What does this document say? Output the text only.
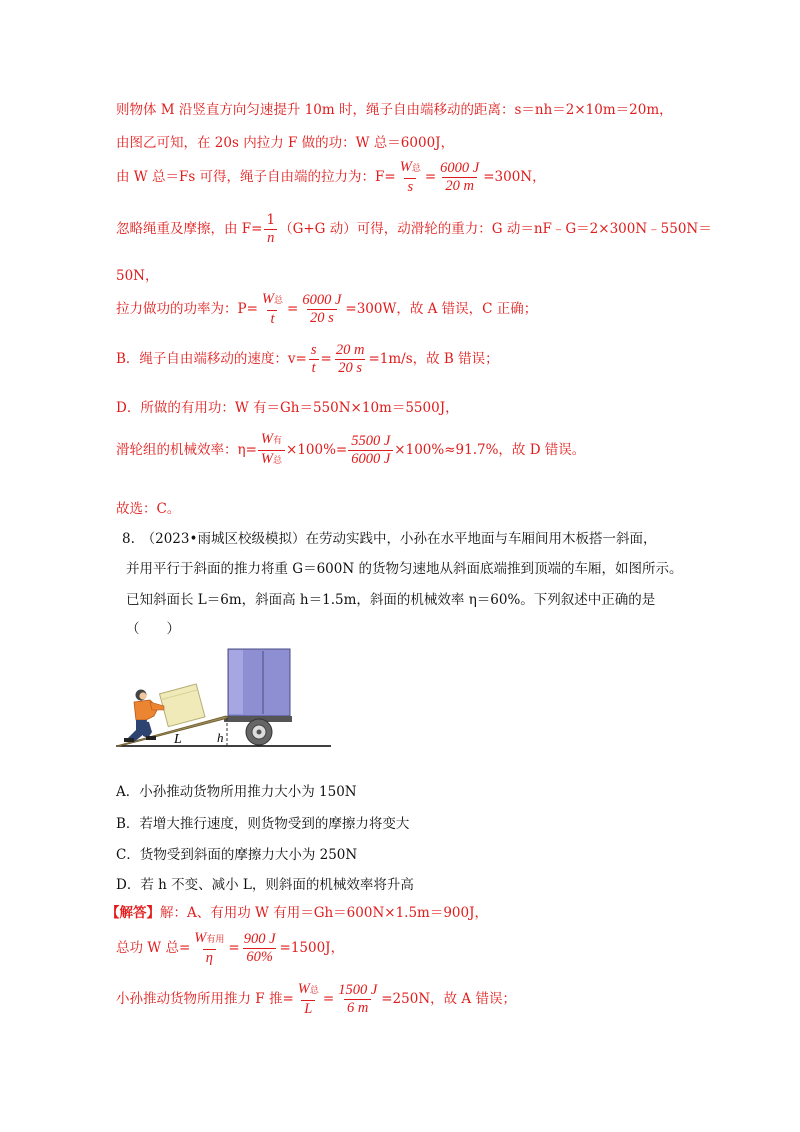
则物体 M 沿竖直方向匀速提升 10m 时，绳子自由端移动的距离：s＝nh＝2×10m＝20m，
由图乙可知，在 20s 内拉力 F 做的功：W 总＝6000J，
由 W 总＝Fs 可得，绳子自由端的拉力为：F=
W总
s
= $\frac{6000 J}{20 m} =300N$，
忽略绳重及摩擦，由 $F= \frac{1}{n} (G+G$ 动）可得，动滑轮的重力：G 动＝nF﹣G＝2×300N﹣550N＝
50N，
拉力做功的功率为：P=
W总
t
= $\frac{6000 J}{20 s} =300W$，故 A 错误，C 正确；
B．绳子自由端移动的速度：$v= \frac{s}{t} = \frac{20 m}{20 s} =1m/s$，故 B 错误；
D．所做的有用功：W 有＝Gh＝550N×10m＝5500J，
滑轮组的机械效率：η=
W有
W总
$\times 100\%= \frac{5500 J}{6000 J} \times 100\%\approx 91.7\%$，故 D 错误。
故选：C。
8.　（2023•雨城区校级模拟）在劳动实践中，小孙在水平地面与车厢间用木板搭一斜面，
并用平行于斜面的推力将重 G＝600N 的货物匀速地从斜面底端推到顶端的车厢，如图所示。
已知斜面长 L＝6m，斜面高 h＝1.5m，斜面的机械效率 η＝60%。下列叙述中正确的是
（　　）
L	h
A．小孙推动货物所用推力大小为 150N
B．若增大推行速度，则货物受到的摩擦力将变大
C．货物受到斜面的摩擦力大小为 250N
D．若 h 不变、减小 L，则斜面的机械效率将升高
【解答】解：A、有用功 W 有用＝Gh＝600N×1.5m＝900J，
总功 W 总=
W有用
η
= $\frac{900 J}{60\%} =1500J$，
小孙推动货物所用推力 F 推=
W总
L
= $\frac{1500 J}{6 m} =250N$，故 A 错误；
